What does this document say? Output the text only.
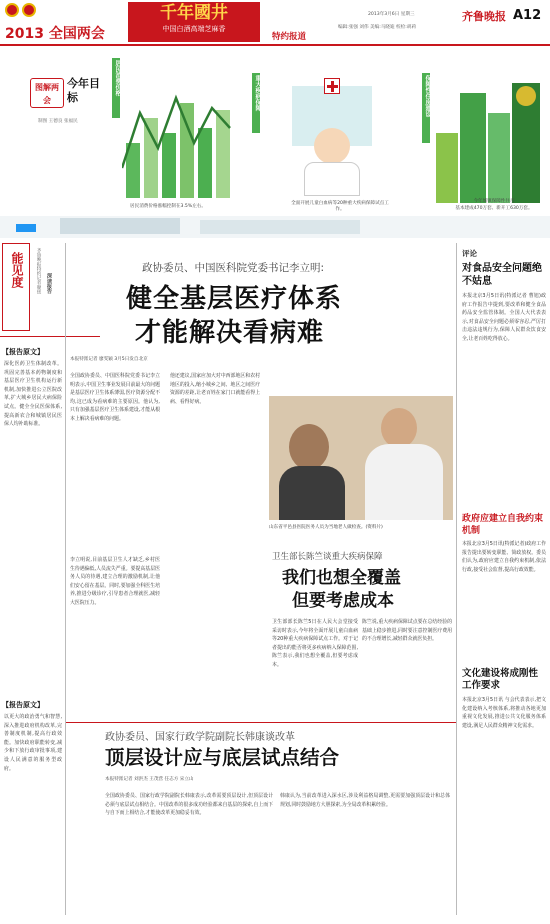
2013 全国两会
千年國井
中国白酒高端芝麻香
特约报道
2013年3月6日 星期三
编辑:张强 刘伟 美编:马晓迪 校检:胡莉
齐鲁晚报 A12
图解两会
今年目标
制图 王德良 张福民
居民消费价格
居民消费价格涨幅控制在3.5%左右。
重大疾病保障
全面开展儿童白血病等20种重大疾病保障试点工作。
保障性住房建设
今年城镇保障性住房
基本建成470万套、新开工630万套。
能见度	齐鲁晚报特约记者聚焦 深读报告
【报告原文】
深化医药卫生体制改革。巩固完善基本药物制度和基层医疗卫生机构运行新机制,加快推进公立医院改革,扩大城乡居民大病保险试点。健全全民医保体系,提高新农合和城镇居民医保人均补助标准。
【报告原文】
以更大的政治勇气和智慧,深入推进政府机构改革,完善制度机制,提高行政效能。加快政府职能转变,减少和下放行政审批事项,建设人民满意的服务型政府。
政协委员、中国医科院党委书记李立明:
健全基层医疗体系
才能解决看病难
本报特派记者 廖雯颖 3月5日发自北京
全国政协委员、中国医科院党委书记李立明表示,中国卫生事业发展目前最大的问题是基层医疗卫生体系薄弱,医疗资源分配不均,这已成为看病难的主要原因。他认为,只有加强基层医疗卫生体系建设,才能从根本上解决看病难的问题。
李立明说,目前基层卫生人才缺乏,乡村医生待遇偏低,人员流失严重。要提高基层医务人员的待遇,建立合理的激励机制,让他们安心留在基层。同时,要加强全科医生培养,推进分级诊疗,引导患者合理就医,减轻大医院压力。
他还建议,国家应加大对中西部地区和农村地区的投入,缩小城乡之间、地区之间医疗资源的差距,让老百姓在家门口就能看得上病、看得好病。
山东省平邑县医院医务人员为当地老人做检查。(资料片)
卫生部长陈竺谈重大疾病保障
我们也想全覆盖
但要考虑成本
卫生部部长陈竺5日在人民大会堂接受采访时表示,今年将全面开展儿童白血病等20种重大疾病保障试点工作。对于记者提出的能否将更多疾病纳入保障范围,陈竺表示,我们也想全覆盖,但要考虑成本。
陈竺说,重大疾病保障试点要在总结经验的基础上稳步推进,同时要注意控制医疗费用的不合理增长,减轻群众就医负担。
政协委员、国家行政学院副院长韩康谈改革
顶层设计应与底层试点结合
本报特派记者 刘洪杰 王茂营 任志方 宋立山
全国政协委员、国家行政学院副院长韩康表示,改革需要顶层设计,但顶层设计必须与底层试点相结合。中国改革的很多成功经验都来自基层的探索,自上而下与自下而上相结合,才能使改革更加稳妥有效。
韩康认为,当前改革进入深水区,涉及利益格局调整,更需要加强顶层设计和总体规划,同时鼓励地方大胆探索,为全局改革积累经验。
评论
对食品安全问题绝不姑息
本报北京3月5日讯(特派记者 曹旭)政府工作报告中提到,要改革和健全食品药品安全监管体制。全国人大代表表示,对食品安全问题必须零容忍,严厉打击违法违规行为,保障人民群众饮食安全,让老百姓吃得放心。
政府应建立自我约束机制
本报北京3月5日讯(特派记者)政府工作报告提出要转变职能、简政放权。委员们认为,政府应建立自我约束机制,依法行政,接受社会监督,提高行政效能。
文化建设将成刚性工作要求
本报北京3月5日讯 与会代表表示,把文化建设纳入考核体系,将推动各地更加重视文化发展,推进公共文化服务体系建设,满足人民群众精神文化需求。
